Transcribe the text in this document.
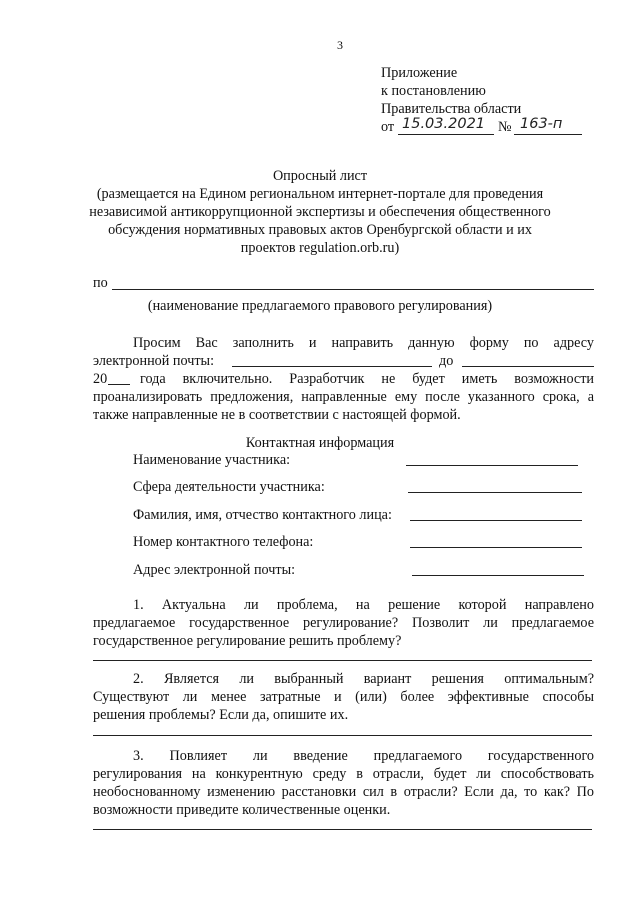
3
Приложение
к постановлению
Правительства области
от 15.03.2021 № 163-п
Опросный лист
(размещается на Едином региональном интернет-портале для проведения
независимой антикоррупционной экспертизы и обеспечения общественного
обсуждения нормативных правовых актов Оренбургской области и их
проектов regulation.orb.ru)
по
(наименование предлагаемого правового регулирования)
Просим Вас заполнить и направить данную форму по адресу
электронной почты:	до
20 года включительно. Разработчик не будет иметь возможности
проанализировать предложения, направленные ему после указанного срока, а
также направленные не в соответствии с настоящей формой.
Контактная информация
Наименование участника:
Сфера деятельности участника:
Фамилия, имя, отчество контактного лица:
Номер контактного телефона:
Адрес электронной почты:
1. Актуальна ли проблема, на решение которой направлено
предлагаемое государственное регулирование? Позволит ли предлагаемое
государственное регулирование решить проблему?
2. Является ли выбранный вариант решения оптимальным?
Существуют ли менее затратные и (или) более эффективные способы
решения проблемы? Если да, опишите их.
3. Повлияет ли введение предлагаемого государственного
регулирования на конкурентную среду в отрасли, будет ли способствовать
необоснованному изменению расстановки сил в отрасли? Если да, то как? По
возможности приведите количественные оценки.
